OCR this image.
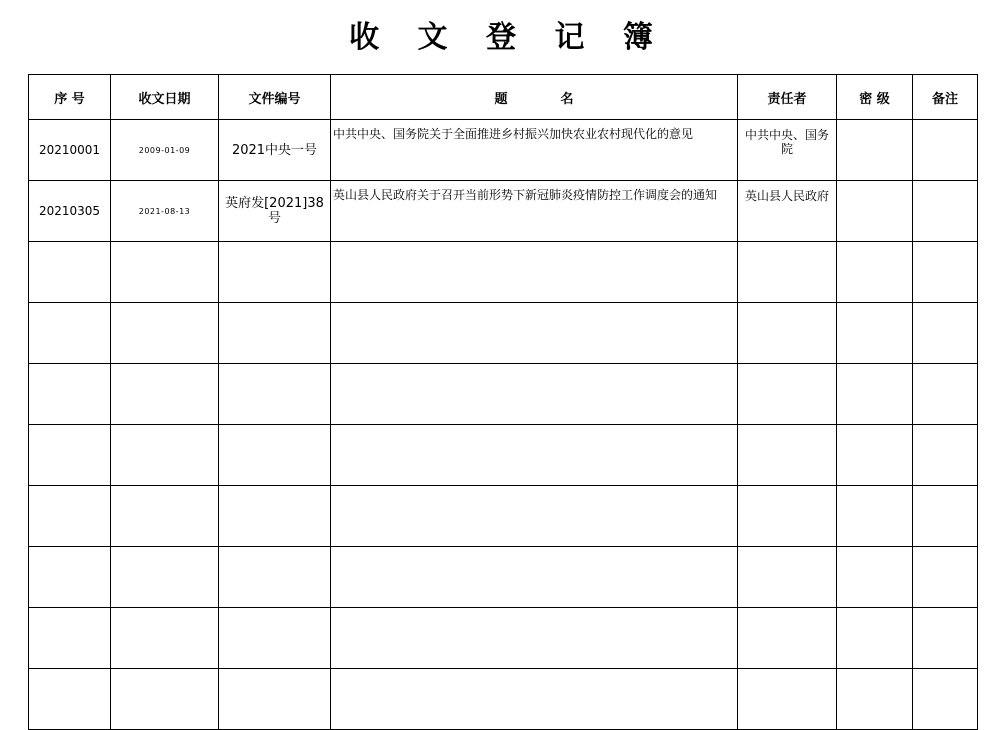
收 文 登 记 簿
序 号	收文日期	文件编号	题 名	责任者	密 级	备注
20210001	2009-01-09	2021中央一号	中共中央、国务院关于全面推进乡村振兴加快农业农村现代化的意见	中共中央、国务院		
20210305	2021-08-13	英府发[2021]38号	英山县人民政府关于召开当前形势下新冠肺炎疫情防控工作调度会的通知	英山县人民政府		
